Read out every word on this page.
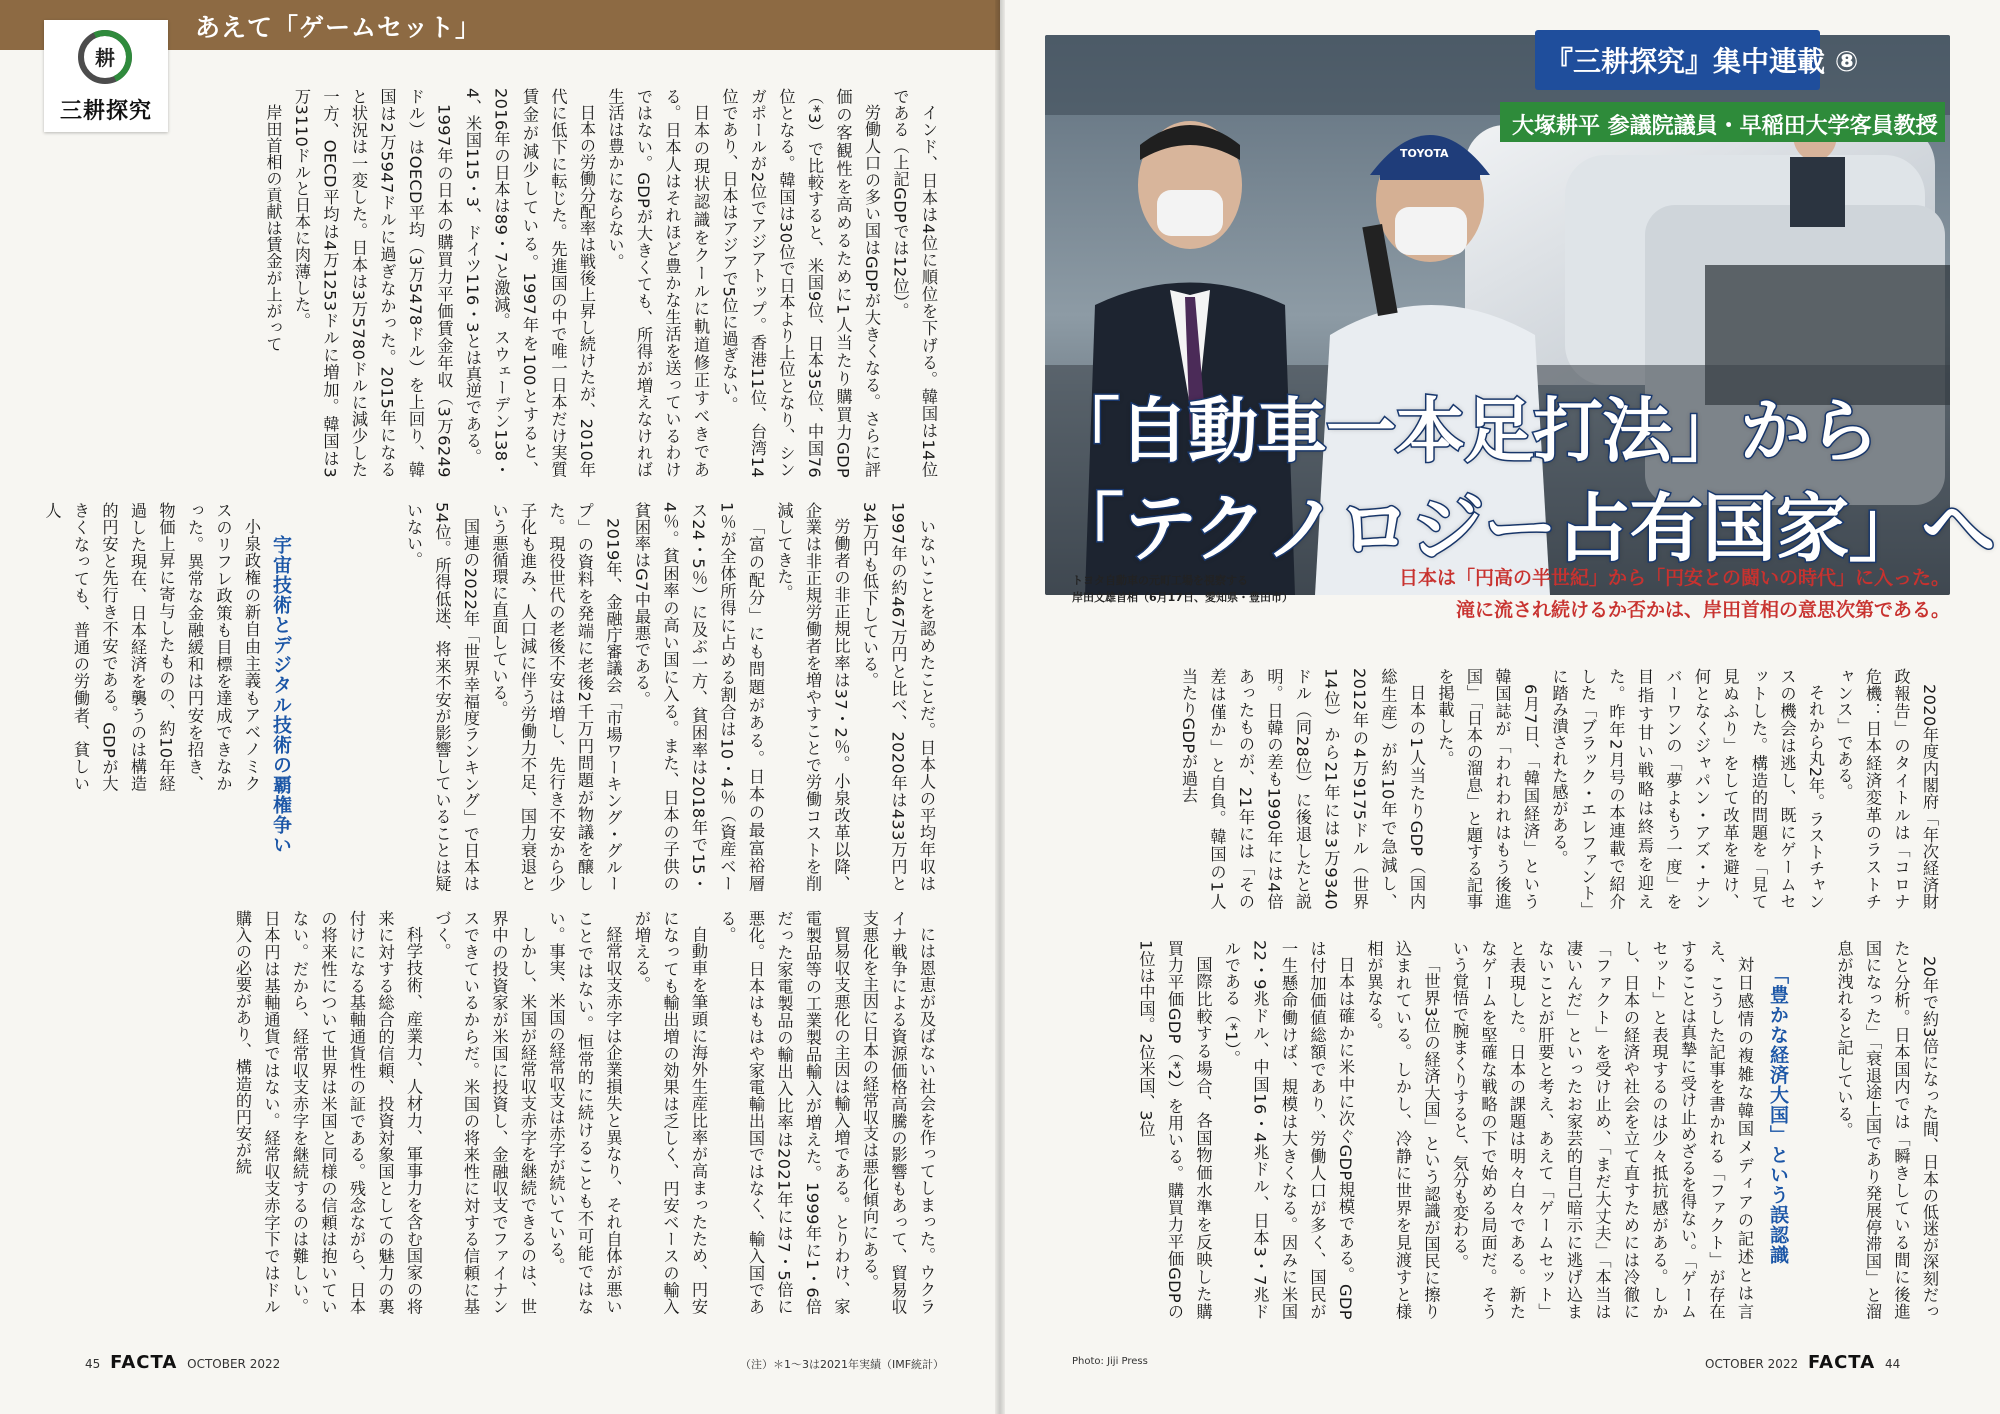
あえて「ゲームセット」
耕
三耕探究	インド、日本は4位に順位を下げる。韓国は14位である（上記GDPでは12位）。

労働人口の多い国はGDPが大きくなる。さらに評価の客観性を高めるために1人当たり購買力GDP（*3）で比較すると、米国9位、日本35位、中国76位となる。韓国は30位で日本より上位となり、シンガポールが2位でアジアトップ。香港11位、台湾14位であり、日本はアジアで5位に過ぎない。

日本の現状認識をクールに軌道修正すべきである。日本人はそれほど豊かな生活を送っているわけではない。GDPが大きくても、所得が増えなければ生活は豊かにならない。

日本の労働分配率は戦後上昇し続けたが、2010年代に低下に転じた。先進国の中で唯一日本だけ実質賃金が減少している。1997年を100とすると、2016年の日本は89・7と激減。スウェーデン138・4、米国115・3、ドイツ116・3とは真逆である。

1997年の日本の購買力平価賃金年収（3万6249ドル）はOECD平均（3万5478ドル）を上回り、韓国は2万5947ドルに過ぎなかった。2015年になると状況は一変した。日本は3万5780ドルに減少した一方、OECD平均は4万1253ドルに増加。韓国は3万3110ドルと日本に肉薄した。

岸田首相の貢献は賃金が上がって

小泉政権の新自由主義もアベノミクスのリフレ政策も目標を達成できなかった。異常な金融緩和は円安を招き、物価上昇に寄与したものの、約10年経過した現在、日本経済を襲うのは構造的円安と先行き不安である。GDPが大きくなっても、普通の労働者、貧しい人

宇宙技術とデジタル技術の覇権争い	いないことを認めたことだ。日本人の平均年収は1997年の約467万円と比べ、2020年は433万円と34万円も低下している。

労働者の非正規比率は37・2％。小泉改革以降、企業は非正規労働者を増やすことで労働コストを削減してきた。

「富の配分」にも問題がある。日本の最富裕層1％が全体所得に占める割合は10・4％（資産ベース24・5％）に及ぶ一方、貧困率は2018年で15・4％。貧困率の高い国に入る。また、日本の子供の貧困率はG7中最悪である。

2019年、金融庁審議会「市場ワーキング・グループ」の資料を発端に老後2千万円問題が物議を醸した。現役世代の老後不安は増し、先行き不安から少子化も進み、人口減に伴う労働力不足、国力衰退という悪循環に直面している。

国連の2022年「世界幸福度ランキング」で日本は54位。所得低迷、将来不安が影響していることは疑いない。

には恩恵が及ばない社会を作ってしまった。ウクライナ戦争による資源価格高騰の影響もあって、貿易収支悪化を主因に日本の経常収支は悪化傾向にある。

貿易収支悪化の主因は輸入増である。とりわけ、家電製品等の工業製品輸入が増えた。1999年に1・6倍だった家電製品の輸出入比率は2021年には7・5倍に悪化。日本はもはや家電輸出国ではなく、輸入国である。

自動車を筆頭に海外生産比率が高まったため、円安になっても輸出増の効果は乏しく、円安ベースの輸入が増える。

経常収支赤字は企業損失と異なり、それ自体が悪いことではない。恒常的に続けることも不可能ではない。事実、米国の経常収支は赤字が続いている。

しかし、米国が経常収支赤字を継続できるのは、世界中の投資家が米国に投資し、金融収支でファイナンスできているからだ。米国の将来性に対する信頼に基づく。

科学技術、産業力、人材力、軍事力を含む国家の将来に対する総合的信頼、投資対象国としての魅力の裏付けになる基軸通貨性の証である。残念ながら、日本の将来性について世界は米国と同様の信頼は抱いていない。だから、経常収支赤字を継続するのは難しい。日本円は基軸通貨ではない。経常収支赤字下ではドル購入の必要があり、構造的円安が続

45 FACTA OCTOBER 2022	（注）＊1～3は2021年実績（IMF統計）
TOYOTA
『三耕探究』集中連載 ⑧
大塚耕平 参議院議員・早稲田大学客員教授
「自動車一本足打法」から
「テクノロジー占有国家」へ
トヨタ自動車の元町工場を視察する
岸田文雄首相（6月17日、愛知県・豊田市）
日本は「円高の半世紀」から「円安との闘いの時代」に入った。
滝に流され続けるか否かは、岸田首相の意思次第である。

2020年度内閣府「年次経済財政報告」のタイトルは「コロナ危機：日本経済変革のラストチャンス」である。

それから丸2年。ラストチャンスの機会は逃し、既にゲームセットした。構造的問題を「見て見ぬふり」をして改革を避け、何となくジャパン・アズ・ナンバーワンの「夢よもう一度」を目指す甘い戦略は終焉を迎えた。昨年2月号の本連載で紹介した「ブラック・エレファント」に踏み潰された感がある。

6月7日、「韓国経済」という韓国誌が「われわれはもう後進国」「日本の溜息」と題する記事を掲載した。

日本の1人当たりGDP（国内総生産）が約10年で急減し、2012年の4万9175ドル（世界14位）から21年には3万9340ドル（同28位）に後退したと説明。日韓の差も1990年には4倍あったものが、21年には「その差は僅か」と自負。韓国の1人当たりGDPが過去

「豊かな経済大国」という誤認識	20年で約3倍になった間、日本の低迷が深刻だったと分析。日本国内では「瞬きしている間に後進国になった」「衰退途上国であり発展停滞国」と溜息が洩れると記している。

対日感情の複雑な韓国メディアの記述とは言え、こうした記事を書かれる「ファクト」が存在することは真摯に受け止めざるを得ない。「ゲームセット」と表現するのは少々抵抗感がある。しかし、日本の経済や社会を立て直すためには冷徹に「ファクト」を受け止め、「まだ大丈夫」「本当は凄いんだ」といったお家芸的自己暗示に逃げ込まないことが肝要と考え、あえて「ゲームセット」と表現した。日本の課題は明々白々である。新たなゲームを堅確な戦略の下で始める局面だ。そういう覚悟で腕まくりすると、気分も変わる。

「世界3位の経済大国」という認識が国民に擦り込まれている。しかし、冷静に世界を見渡すと様相が異なる。

日本は確かに米中に次ぐGDP規模である。GDPは付加価値総額であり、労働人口が多く、国民が一生懸命働けば、規模は大きくなる。因みに米国22・9兆ドル、中国16・4兆ドル、日本3・7兆ドルである（*1）。

国際比較する場合、各国物価水準を反映した購買力平価GDP（*2）を用いる。購買力平価GDPの1位は中国。2位米国、3位

Photo: Jiji Press	OCTOBER 2022 FACTA 44
